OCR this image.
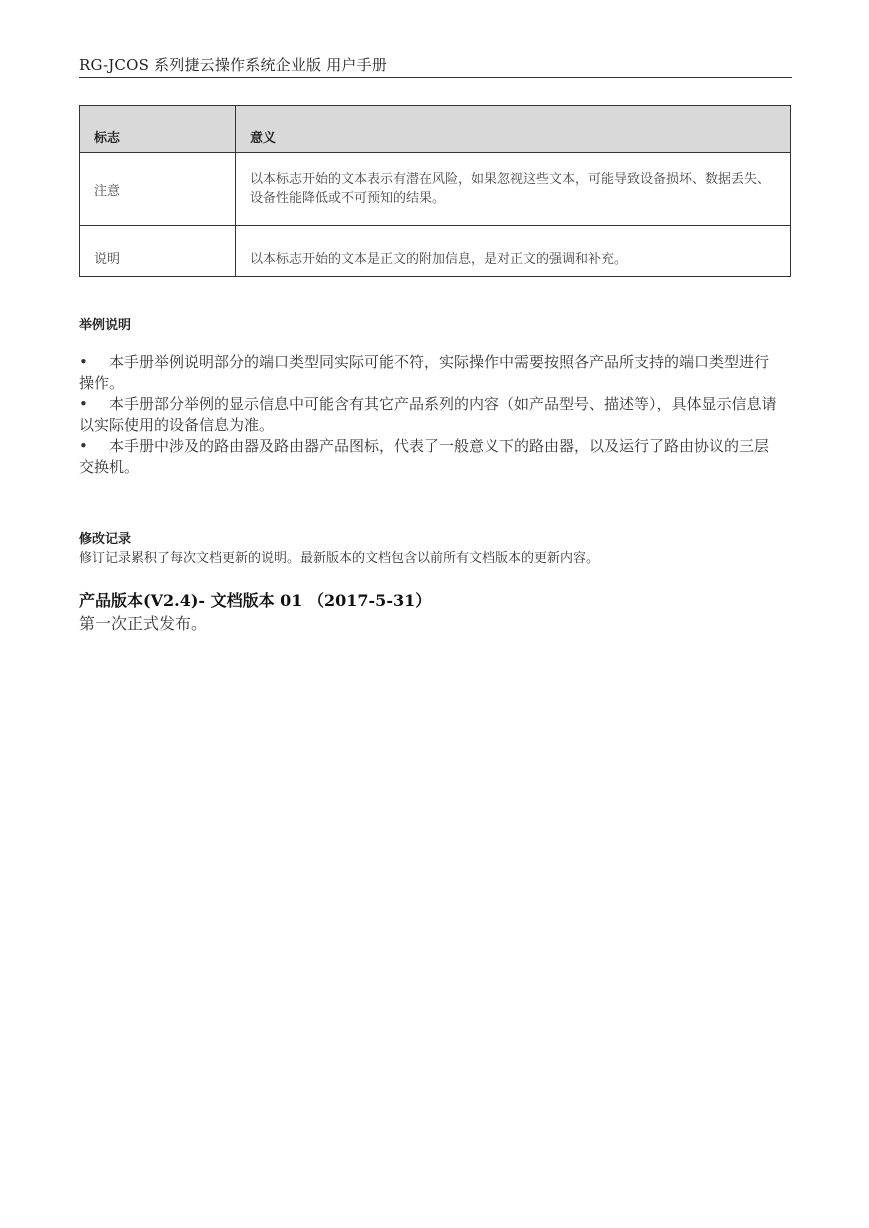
RG-JCOS 系列捷云操作系统企业版 用户手册
标志	意义
注意	以本标志开始的文本表示有潜在风险，如果忽视这些文本，可能导致设备损坏、数据丢失、设备性能降低或不可预知的结果。

说明	以本标志开始的文本是正文的附加信息，是对正文的强调和补充。
举例说明
• 本手册举例说明部分的端口类型同实际可能不符，实际操作中需要按照各产品所支持的端口类型进行操作。
• 本手册部分举例的显示信息中可能含有其它产品系列的内容（如产品型号、描述等），具体显示信息请以实际使用的设备信息为准。
• 本手册中涉及的路由器及路由器产品图标，代表了一般意义下的路由器，以及运行了路由协议的三层交换机。
修改记录
修订记录累积了每次文档更新的说明。最新版本的文档包含以前所有文档版本的更新内容。
产品版本(V2.4)- 文档版本 01 （2017-5-31）
第一次正式发布。
